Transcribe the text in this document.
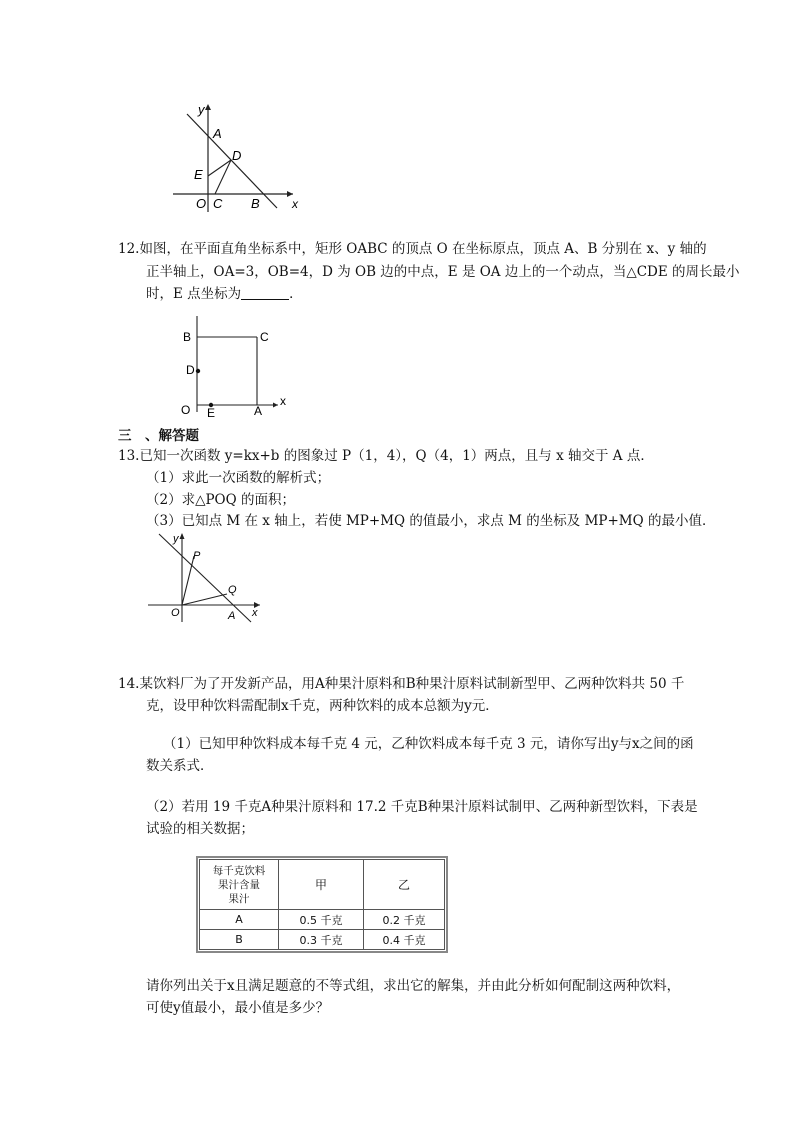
y
x
A
D
E
O C B
12.如图，在平面直角坐标系中，矩形 OABC 的顶点 O 在坐标原点，顶点 A、B 分别在 x、y 轴的
正半轴上，OA=3，OB=4，D 为 OB 边的中点，E 是 OA 边上的一个动点，当△CDE 的周长最小
时，E 点坐标为	．
B	C
D
O E	A
x
三　、解答题
13.已知一次函数 y=kx+b 的图象过 P（1，4），Q（4，1）两点，且与 x 轴交于 A 点．
（1）求此一次函数的解析式；
（2）求△POQ 的面积；
（3）已知点 M 在 x 轴上，若使 MP+MQ 的值最小，求点 M 的坐标及 MP+MQ 的最小值．
y
P
Q
O	A x
14.某饮料厂为了开发新产品，用A种果汁原料和B种果汁原料试制新型甲、乙两种饮料共 50 千
克，设甲种饮料需配制x千克，两种饮料的成本总额为y元．
（1）已知甲种饮料成本每千克 4 元，乙种饮料成本每千克 3 元，请你写出y与x之间的函
数关系式．
（2）若用 19 千克A种果汁原料和 17.2 千克B种果汁原料试制甲、乙两种新型饮料，下表是
试验的相关数据；
每千克饮料
果汁含量
果汁	甲	乙
A	0.5 千克	0.2 千克
B	0.3 千克	0.4 千克
请你列出关于x且满足题意的不等式组，求出它的解集，并由此分析如何配制这两种饮料，
可使y值最小，最小值是多少？
